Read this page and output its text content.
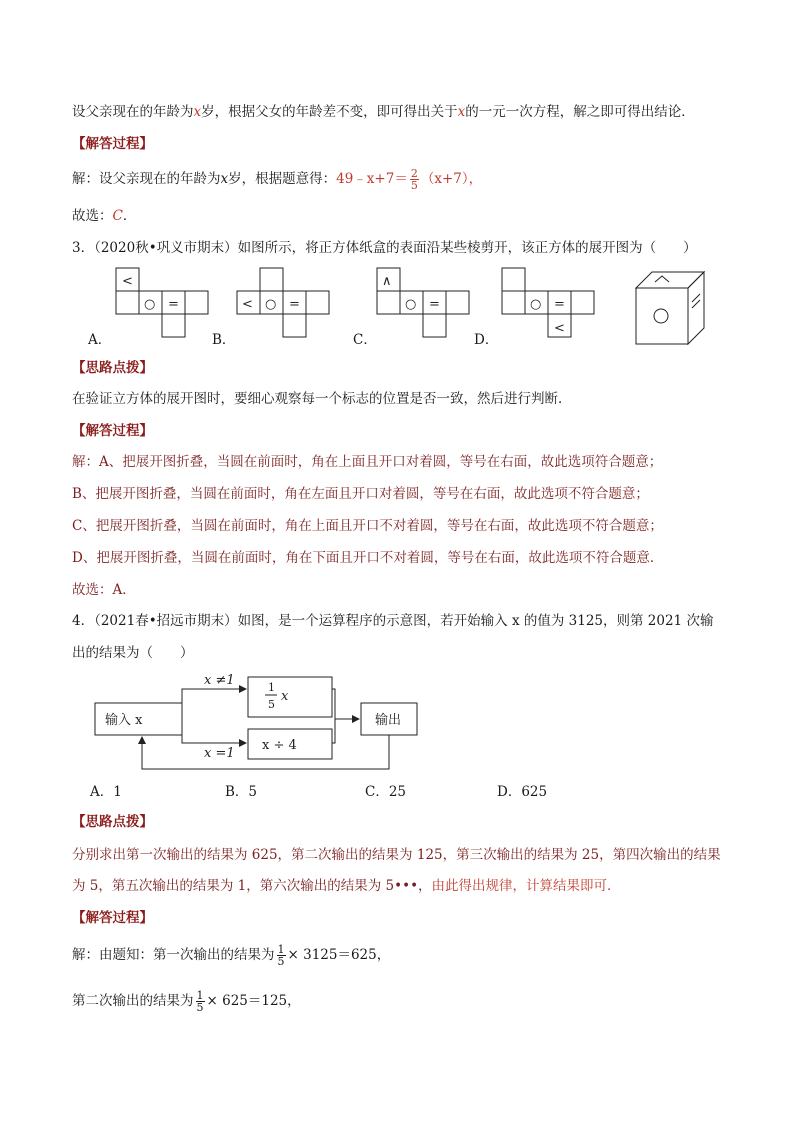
设父亲现在的年龄为x岁，根据父女的年龄差不变，即可得出关于x的一元一次方程，解之即可得出结论．
【解答过程】
解：设父亲现在的年龄为x岁，根据题意得：49﹣x+7＝ $\frac{2}{5} (x+7)$，
故选：C．
3．（2020秋•巩义市期末）如图所示，将正方体纸盒的表面沿某些棱剪开，该正方体的展开图为（　　）
<
○ =	< ○ =
∧
○ =	○ =
<
A．	B．	C．	D．
【思路点拨】
在验证立方体的展开图时，要细心观察每一个标志的位置是否一致，然后进行判断．
【解答过程】
解：A、把展开图折叠，当圆在前面时，角在上面且开口对着圆，等号在右面，故此选项符合题意；
B、把展开图折叠，当圆在前面时，角在左面且开口对着圆，等号在右面，故此选项不符合题意；
C、把展开图折叠，当圆在前面时，角在上面且开口不对着圆，等号在右面，故此选项不符合题意；
D、把展开图折叠，当圆在前面时，角在下面且开口不对着圆，等号在右面，故此选项不符合题意．
故选：A．
4．（2021春•招远市期末）如图，是一个运算程序的示意图，若开始输入 x 的值为 3125，则第 2021 次输
出的结果为（　　）
输入 x	输出
x ≠1
x =1
1
5
x
x ÷ 4
A．1	B．5	C．25	D．625
【思路点拨】
分别求出第一次输出的结果为 625，第二次输出的结果为 125，第三次输出的结果为 25，第四次输出的结果
为 5，第五次输出的结果为 1，第六次输出的结果为 5•••，由此得出规律，计算结果即可．
【解答过程】
解：由题知：第一次输出的结果为 $\frac{1}{5} \times 3125=625$，
第二次输出的结果为 $\frac{1}{5} \times 625=125$，
